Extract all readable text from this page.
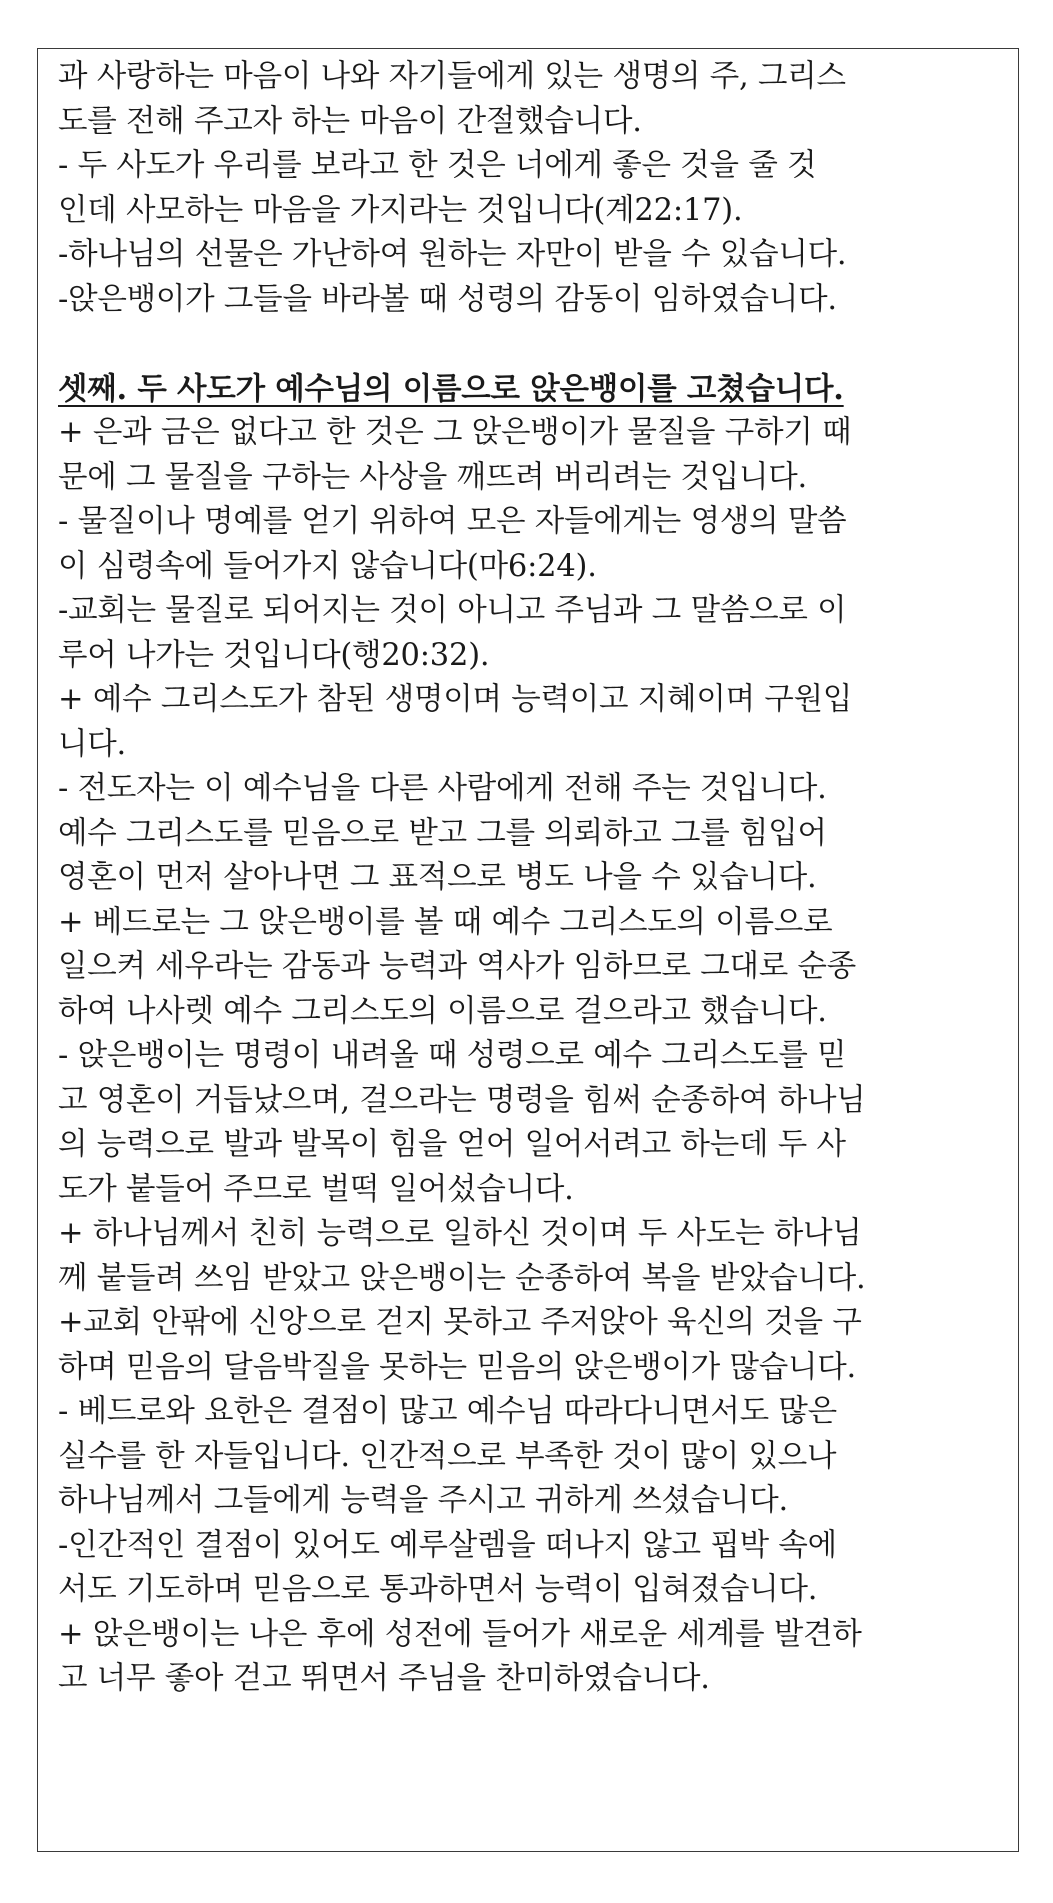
과 사랑하는 마음이 나와 자기들에게 있는 생명의 주, 그리스
도를 전해 주고자 하는 마음이 간절했습니다.
- 두 사도가 우리를 보라고 한 것은 너에게 좋은 것을 줄 것
인데 사모하는 마음을 가지라는 것입니다(계22:17).
-하나님의 선물은 가난하여 원하는 자만이 받을 수 있습니다.
-앉은뱅이가 그들을 바라볼 때 성령의 감동이 임하였습니다.
셋째. 두 사도가 예수님의 이름으로 앉은뱅이를 고쳤습니다.
+ 은과 금은 없다고 한 것은 그 앉은뱅이가 물질을 구하기 때
문에 그 물질을 구하는 사상을 깨뜨려 버리려는 것입니다.
- 물질이나 명예를 얻기 위하여 모은 자들에게는 영생의 말씀
이 심령속에 들어가지 않습니다(마6:24).
-교회는 물질로 되어지는 것이 아니고 주님과 그 말씀으로 이
루어 나가는 것입니다(행20:32).
+ 예수 그리스도가 참된 생명이며 능력이고 지혜이며 구원입
니다.
- 전도자는 이 예수님을 다른 사람에게 전해 주는 것입니다.
예수 그리스도를 믿음으로 받고 그를 의뢰하고 그를 힘입어
영혼이 먼저 살아나면 그 표적으로 병도 나을 수 있습니다.
+ 베드로는 그 앉은뱅이를 볼 때 예수 그리스도의 이름으로
일으켜 세우라는 감동과 능력과 역사가 임하므로 그대로 순종
하여 나사렛 예수 그리스도의 이름으로 걸으라고 했습니다.
- 앉은뱅이는 명령이 내려올 때 성령으로 예수 그리스도를 믿
고 영혼이 거듭났으며, 걸으라는 명령을 힘써 순종하여 하나님
의 능력으로 발과 발목이 힘을 얻어 일어서려고 하는데 두 사
도가 붙들어 주므로 벌떡 일어섰습니다.
+ 하나님께서 친히 능력으로 일하신 것이며 두 사도는 하나님
께 붙들려 쓰임 받았고 앉은뱅이는 순종하여 복을 받았습니다.
+교회 안팎에 신앙으로 걷지 못하고 주저앉아 육신의 것을 구
하며 믿음의 달음박질을 못하는 믿음의 앉은뱅이가 많습니다.
- 베드로와 요한은 결점이 많고 예수님 따라다니면서도 많은
실수를 한 자들입니다. 인간적으로 부족한 것이 많이 있으나
하나님께서 그들에게 능력을 주시고 귀하게 쓰셨습니다.
-인간적인 결점이 있어도 예루살렘을 떠나지 않고 핍박 속에
서도 기도하며 믿음으로 통과하면서 능력이 입혀졌습니다.
+ 앉은뱅이는 나은 후에 성전에 들어가 새로운 세계를 발견하
고 너무 좋아 걷고 뛰면서 주님을 찬미하였습니다.
